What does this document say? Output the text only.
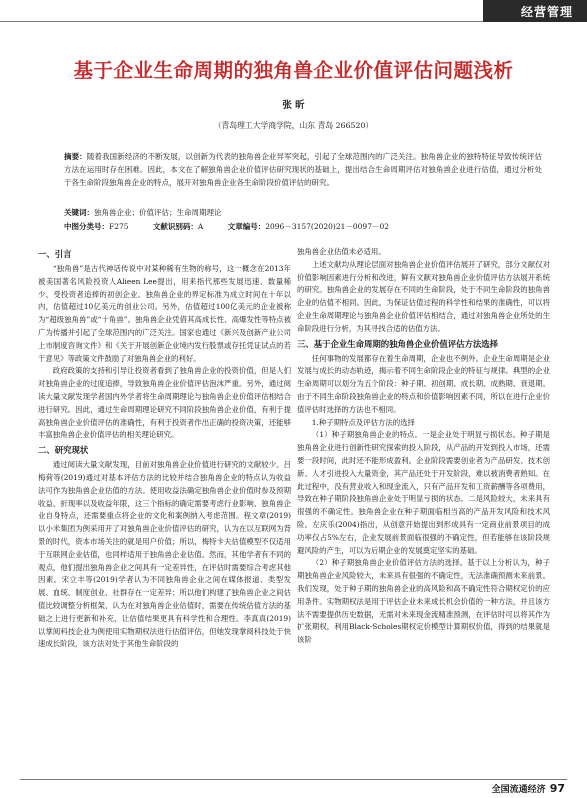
经营管理
基于企业生命周期的独角兽企业价值评估问题浅析
张 昕
（青岛理工大学商学院，山东 青岛 266520）
摘要：随着我国新经济的不断发展，以创新为代表的独角兽企业异军突起，引起了全球范围内的广泛关注。独角兽企业的独特特征导致传统评估方法在运用时存在困难。因此，本文在了解独角兽企业价值评估研究现状的基础上，提出结合生命周期评估对独角兽企业进行估值，通过分析处于各生命阶段独角兽企业的特点，展开对独角兽企业各生命阶段价值评估的研究。
关键词：独角兽企业；价值评估；生命周期理论
中图分类号：F275	文献识别码：A	文章编号：2096－3157(2020)21－0097－02
一、引言

“独角兽”是古代神话传说中对某种稀有生物的称号，这一概念在2013年被美国著名风险投资人Alieen Lee提出，用来指代那些发展迅速、数量稀少、受投资者追捧的初创企业。独角兽企业的界定标准为成立时间在十年以内，估值超过10亿美元的创业公司。另外，估值超过100亿美元的企业被称为“超级独角兽”或“十角兽”。独角兽企业凭借其高成长性、高爆发性等特点被广为传播并引起了全球范围内的广泛关注。国家也通过《新兴及创新产业公司上市制度咨询文件》和《关于开展创新企业境内发行股票或存托凭证试点的若干意见》等政策文件鼓励了对独角兽企业的利好。

政府政策的支持和引导让投资者看到了独角兽企业的投资价值，但是人们对独角兽企业的过度追捧，导致独角兽企业价值评估泡沫严重。另外，通过阅读大量文献发现学者国内外学者将生命周期理论与独角兽企业价值评估相结合进行研究。因此，通过生命周期理论研究不同阶段独角兽企业价值，有利于提高独角兽企业价值评估的准确性，有利于投资者作出正确的投资决策，还能够丰富独角兽企业价值评估的相关理论研究。

二、研究现状

通过阅读大量文献发现，目前对独角兽企业价值进行研究的文献较少。吕梅荷等(2019)通过对基本评估方法的比较并结合独角兽企业的特点认为收益法可作为独角兽企业估值的方法。使用收益法确定独角兽企业价值时参及预期收益、折现率以及收益年限，这三个指标的确定需要考虑行业影响、独角兽企业自身特点，还需要重点将企业的文化和案例纳入考虑范围。程文章(2019)以小米集团为例采用开了对独角兽企业价值评估的研究，认为在以互联网为背景的时代，资本市场关注的就是用户价值；所以，梅特卡夫估值模型不仅适用于互联网企业估值，也同样适用于独角兽企业估值。然而，其他学者有不同的观点，他们提出独角兽企业之间具有一定差异性，在评估时需要综合考虑其他因素。宋立丰等(2019)学者认为不同独角兽企业之间在媒体报道、类型发展、血统、制度创业、社群存在一定差异；所以他们构建了独角兽企业之间估值比较调整分析框架，认为在对独角兽企业估值时，需要在传统估值方法的基础之上进行更新和补充，让估值结果更具有科学性和合理性。李真真(2019)以掌阅科技企业为例使用实物期权法进行估值评估，但她发现掌阅科技处于快速成长阶段，该方法对处于其他生命阶段的

独角兽企业估值未必适用。

上述文献均从理论层面对独角兽企业价值评估展开了研究，部分文献仅对价值影响因素进行分析和改进，鲜有文献对独角兽企业价值评估方法展开系统的研究。独角兽企业的发展存在不同的生命阶段，处于不同生命阶段的独角兽企业的估值不相同。因此，为保证估值过程的科学性和结果的准确性，可以将企业生命周期理论与独角兽企业价值评估相结合，通过对独角兽企业所处的生命阶段进行分析，为其寻找合适的估值方法。

三、基于企业生命周期的独角兽企业价值评估方法选择

任何事物的发展都存在着生命周期，企业也不例外。企业生命周期是企业发展与成长的动态轨迹，揭示着不同生命阶段企业的特征与规律。典型的企业生命周期可以划分为五个阶段：种子期、初创期、成长期、成熟期、衰退期。由于不同生命阶段独角兽企业的特点和价值影响因素不同，所以在进行企业价值评估时选择的方法也不相同。

1.种子期特点及评估方法的选择

（1）种子期独角兽企业的特点。一是企业处于明显亏损状态。种子期是独角兽企业进行创新性研究探索的投入阶段，从产品的开发到投入市场，还需要一段时间，此时还不能形成盈利。企业阶段需要创业者为产品研发、技术创新、人才引进投入大量资金，其产品还处于开发阶段，难以被消费者熟知。在此过程中，没有营业收入和现金流入，只有产品开发和工资薪酬等各项费用，导致在种子期阶段独角兽企业处于明显亏损的状态。二是风险较大，未来具有很强的不确定性。独角兽企业在种子期面临相当高的产品开发风险和技术风险。左庆乐(2004)指出，从创意开始提出到形成具有一定商业前景项目的成功率仅占5%左右，企业发展前景面临很强的不确定性，但若能够在该阶段规避风险的产生，可以为后期企业的发展奠定坚实的基础。

（2）种子期独角兽企业价值评估方法的选择。基于以上分析认为，种子期独角兽企业风险较大，未来具有很强的不确定性，无法准确预测未来前景。我们发现，处于种子期的独角兽企业的高风险和高不确定性符合期权定价的应用条件。实物期权法是用于评估企业未来成长机会价值的一种方法，并且该方法不需要提供历史数据，无需对未来现金流精准预测，在评估时可以将其作为扩张期权，利用Black-Scholes期权定价模型计算期权价值，得到的结果就是该阶

全国流通经济 97
